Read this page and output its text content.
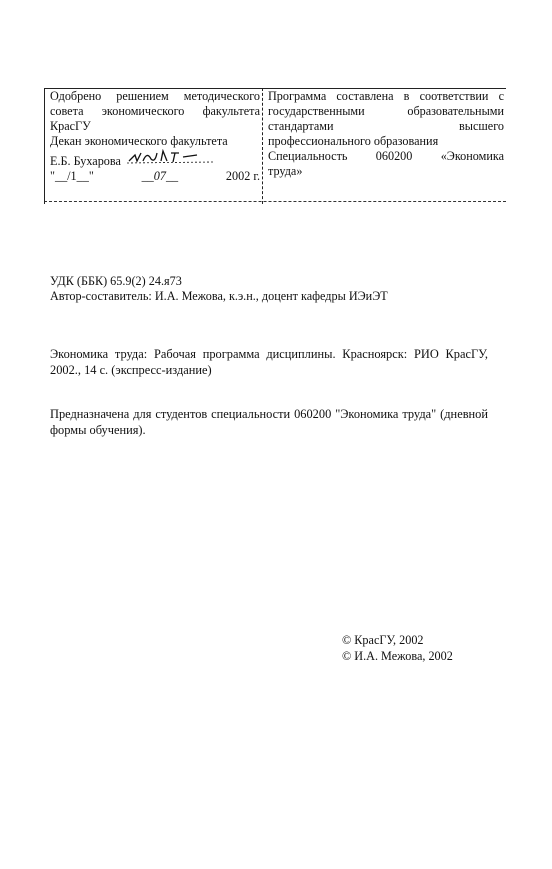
Одобрено решением методического
совета экономического факультета
КрасГУ
Декан экономического факультета
Е.Б. Бухарова
"__/1__"	__07__	2002 г.
Программа составлена в соответствии с
государственными образовательными
стандартами высшего
профессионального образования
Специальность 060200 «Экономика
труда»
УДК (ББК) 65.9(2) 24.я73
Автор-составитель: И.А. Межова, к.э.н., доцент кафедры ИЭиЭТ
Экономика труда: Рабочая программа дисциплины. Красноярск: РИО КрасГУ, 2002., 14 с. (экспресс-издание)
Предназначена для студентов специальности 060200 "Экономика труда" (дневной формы обучения).
© КрасГУ, 2002
© И.А. Межова, 2002
